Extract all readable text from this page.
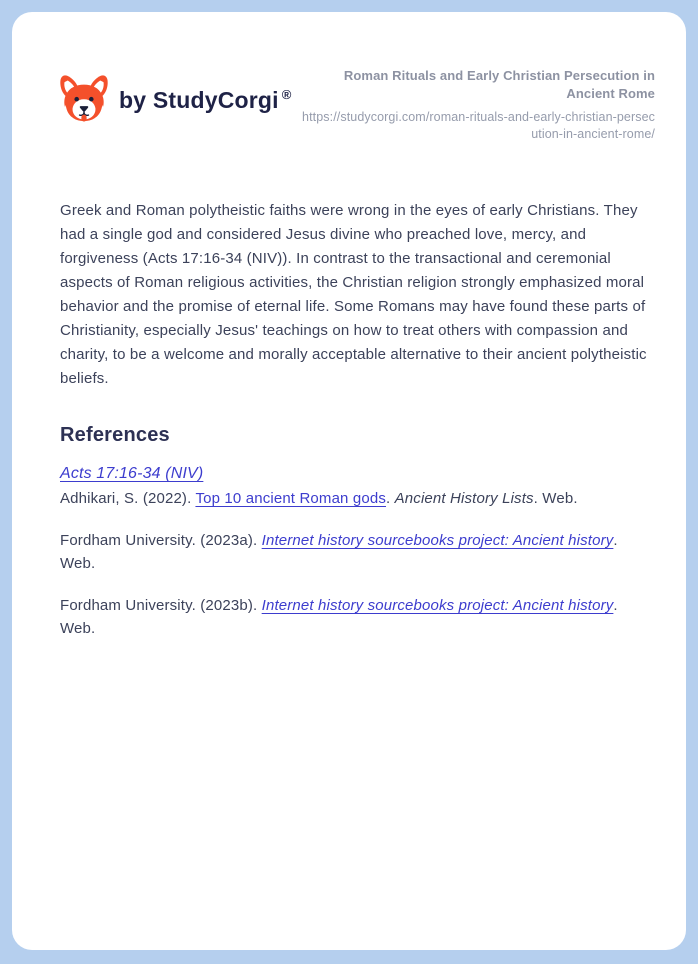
by StudyCorgi ®
Roman Rituals and Early Christian Persecution in Ancient Rome
https://studycorgi.com/roman-rituals-and-early-christian-persecution-in-ancient-rome/

Greek and Roman polytheistic faiths were wrong in the eyes of early Christians. They had a single god and considered Jesus divine who preached love, mercy, and forgiveness (Acts 17:16-34 (NIV)). In contrast to the transactional and ceremonial aspects of Roman religious activities, the Christian religion strongly emphasized moral behavior and the promise of eternal life. Some Romans may have found these parts of Christianity, especially Jesus' teachings on how to treat others with compassion and charity, to be a welcome and morally acceptable alternative to their ancient polytheistic beliefs.

References

Acts 17:16-34 (NIV)

Adhikari, S. (2022). Top 10 ancient Roman gods. Ancient History Lists. Web.

Fordham University. (2023a). Internet history sourcebooks project: Ancient history. Web.

Fordham University. (2023b). Internet history sourcebooks project: Ancient history. Web.
